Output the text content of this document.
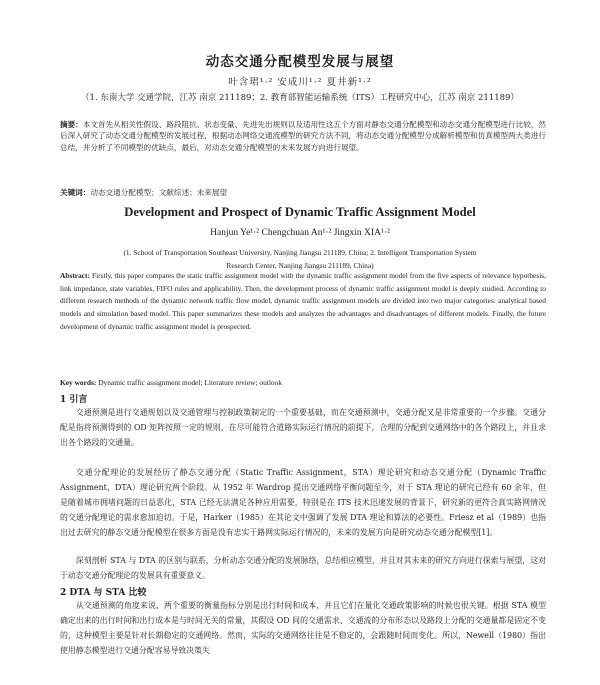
动态交通分配模型发展与展望
叶含珺¹·² 安成川¹·² 夏井新¹·²
（1. 东南大学 交通学院，江苏 南京 211189；2. 教育部智能运输系统（ITS）工程研究中心，江苏 南京 211189）
摘要：本文首先从相关性假设、路段阻抗、状态变量、先进先出规则以及适用性这五个方面对静态交通分配模型和动态交通分配模型进行比较，然后深入研究了动态交通分配模型的发展过程，根据动态网络交通流模型的研究方法不同，将动态交通分配模型分成解析模型和仿真模型两大类进行总结，并分析了不同模型的优缺点，最后，对动态交通分配模型的未来发展方向进行展望。
关键词：动态交通分配模型；文献综述；未来展望
Development and Prospect of Dynamic Traffic Assignment Model
Hanjun Ye¹·² Chengchuan An¹·² Jingxin XIA¹·²
(1. School of Transportation Southeast University, Nanjing Jiangsu 211189, China; 2. Intelligent Transportation System Research Center, Nanjing Jiangsu 211189, China)
Abstract: Firstly, this paper compares the static traffic assignment model with the dynamic traffic assignment model from the five aspects of relevance hypothesis, link impedance, state variables, FIFO rules and applicability. Then, the development process of dynamic traffic assignment model is deeply studied. According to different research methods of the dynamic network traffic flow model, dynamic traffic assignment models are divided into two major categories: analytical based models and simulation based model. This paper summarizes these models and analyzes the advantages and disadvantages of different models. Finally, the future development of dynamic traffic assignment model is prospected.
Key words: Dynamic traffic assignment model; Literature review; outlook
1 引言
交通预测是进行交通规划以及交通管理与控制政策制定的一个重要基础，而在交通预测中，交通分配又是非常重要的一个步骤。交通分配是指将预测得到的 OD 矩阵按照一定的规则，在尽可能符合道路实际运行情况的前提下，合理的分配到交通网络中的各个路段上，并且求出各个路段的交通量。
交通分配理论的发展经历了静态交通分配（Static Traffic Assignment，STA）理论研究和动态交通分配（Dynamic Traffic Assignment，DTA）理论研究两个阶段。从 1952 年 Wardrop 提出交通网络平衡问题至今，对于 STA 理论的研究已经有 60 余年，但是随着城市拥堵问题的日益恶化，STA 已经无法满足各种应用需要，特别是在 ITS 技术迅速发展的背景下，研究新的更符合真实路网情况的交通分配理论的需求愈加迫切。于是，Harker（1985）在其论文中强调了发展 DTA 理论和算法的必要性。Friesz et al（1989）也指出过去研究的静态交通分配模型在很多方面是没有忠实于路网实际运行情况的，未来的发展方向是研究动态交通分配模型[1]。
深刻剖析 STA 与 DTA 的区别与联系，分析动态交通分配的发展脉络，总结相应模型，并且对其未来的研究方向进行探索与展望，这对于动态交通分配理论的发展具有重要意义。
2 DTA 与 STA 比较
从交通预测的角度来说，两个重要的衡量指标分别是出行时间和成本，并且它们在量化交通政策影响的时候也很关键。根据 STA 模型确定出来的出行时间和出行成本是与时间无关的常量，其假设 OD 间的交通需求、交通流的分布形态以及路段上分配的交通量都是固定不变的，这种模型主要是针对长期稳定的交通网络。然而，实际的交通网络往往是不稳定的，会跟随时间而变化。所以，Newell（1980）指出使用静态模型进行交通分配容易导致决策失
